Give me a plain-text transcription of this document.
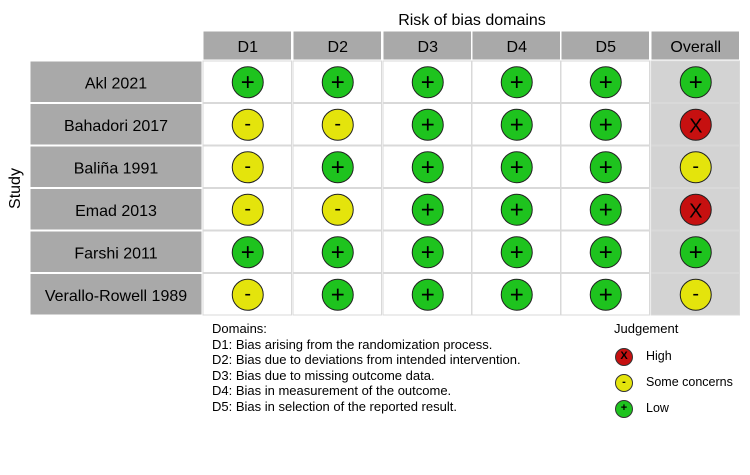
Risk of bias domains
D1	D2	D3	D4	D5	Overall
Study
Akl 2021	+	+	+	+	+	+
Bahadori 2017	-	-	+	+	+	X
Baliña 1991	-	+	+	+	+	-
Emad 2013	-	-	+	+	+	X
Farshi 2011	+	+	+	+	+	+
Verallo-Rowell 1989	-	+	+	+	+	-
Domains:
D1: Bias arising from the randomization process.
D2: Bias due to deviations from intended intervention.
D3: Bias due to missing outcome data.
D4: Bias in measurement of the outcome.
D5: Bias in selection of the reported result.
Judgement
X	High
-	Some concerns
+	Low
